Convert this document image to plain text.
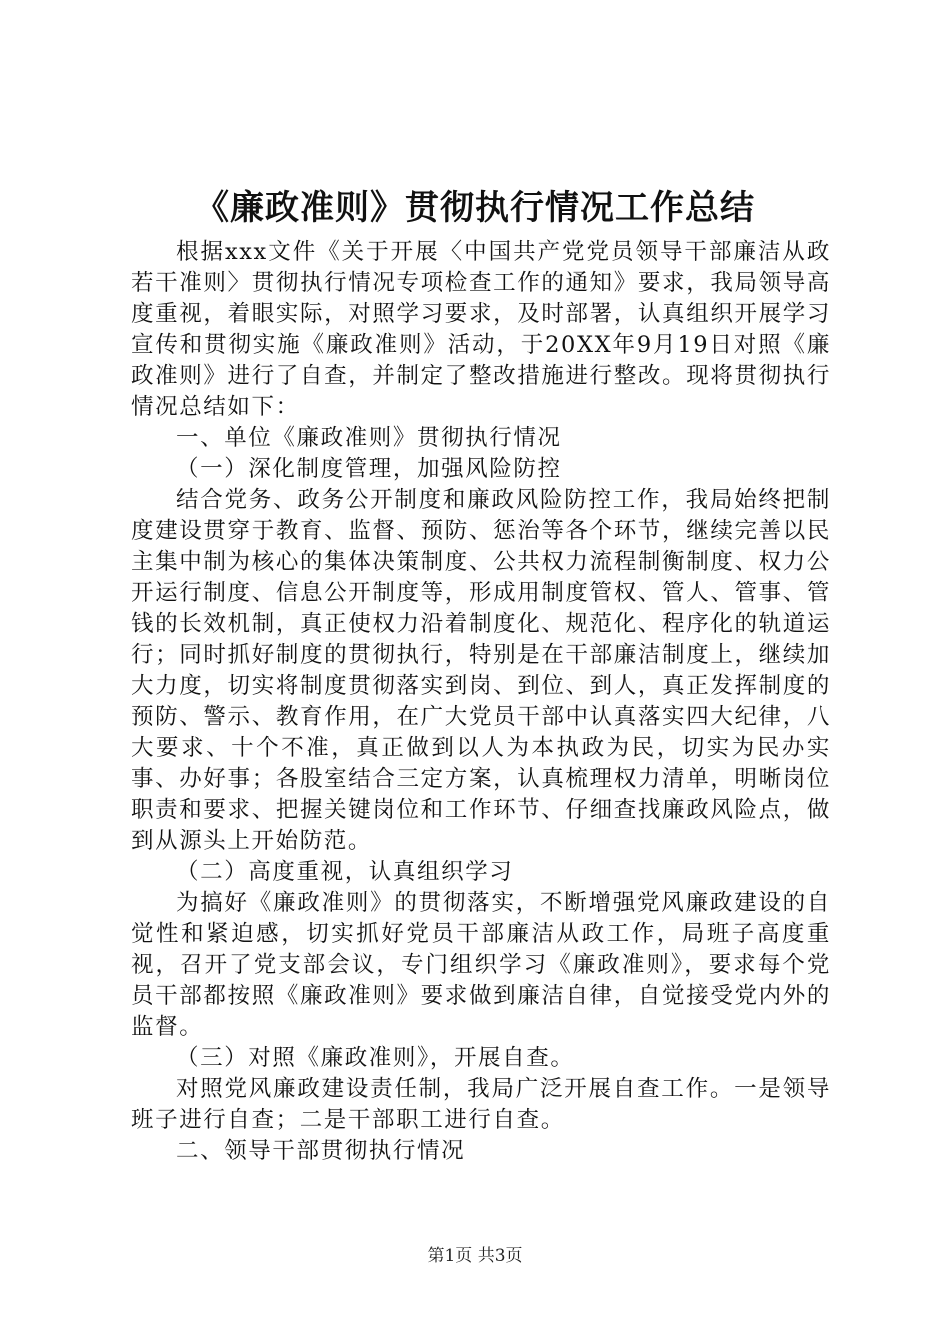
《廉政准则》贯彻执行情况工作总结

根据xxx文件《关于开展〈中国共产党党员领导干部廉洁从政若干准则〉贯彻执行情况专项检查工作的通知》要求，我局领导高度重视，着眼实际，对照学习要求，及时部署，认真组织开展学习宣传和贯彻实施《廉政准则》活动，于20XX年9月19日对照《廉政准则》进行了自查，并制定了整改措施进行整改。现将贯彻执行情况总结如下：

一、单位《廉政准则》贯彻执行情况

（一）深化制度管理，加强风险防控

结合党务、政务公开制度和廉政风险防控工作，我局始终把制度建设贯穿于教育、监督、预防、惩治等各个环节，继续完善以民主集中制为核心的集体决策制度、公共权力流程制衡制度、权力公开运行制度、信息公开制度等，形成用制度管权、管人、管事、管钱的长效机制，真正使权力沿着制度化、规范化、程序化的轨道运行；同时抓好制度的贯彻执行，特别是在干部廉洁制度上，继续加大力度，切实将制度贯彻落实到岗、到位、到人，真正发挥制度的预防、警示、教育作用，在广大党员干部中认真落实四大纪律，八大要求、十个不准，真正做到以人为本执政为民，切实为民办实事、办好事；各股室结合三定方案，认真梳理权力清单，明晰岗位职责和要求、把握关键岗位和工作环节、仔细查找廉政风险点，做到从源头上开始防范。

（二）高度重视，认真组织学习

为搞好《廉政准则》的贯彻落实，不断增强党风廉政建设的自觉性和紧迫感，切实抓好党员干部廉洁从政工作，局班子高度重视，召开了党支部会议，专门组织学习《廉政准则》，要求每个党员干部都按照《廉政准则》要求做到廉洁自律，自觉接受党内外的监督。

（三）对照《廉政准则》，开展自查。

对照党风廉政建设责任制，我局广泛开展自查工作。一是领导班子进行自查；二是干部职工进行自查。

二、领导干部贯彻执行情况

第1页 共3页
